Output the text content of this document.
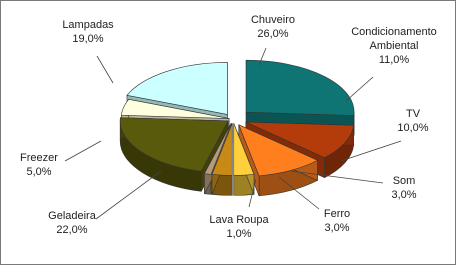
Chuveiro 26,0%	Condicionamento Ambiental 11,0%
TV 10,0%
Som 3,0%
Ferro 3,0%
Lava Roupa 1,0%
Geladeira 22,0%
Freezer 5,0%
Lampadas 19,0%
